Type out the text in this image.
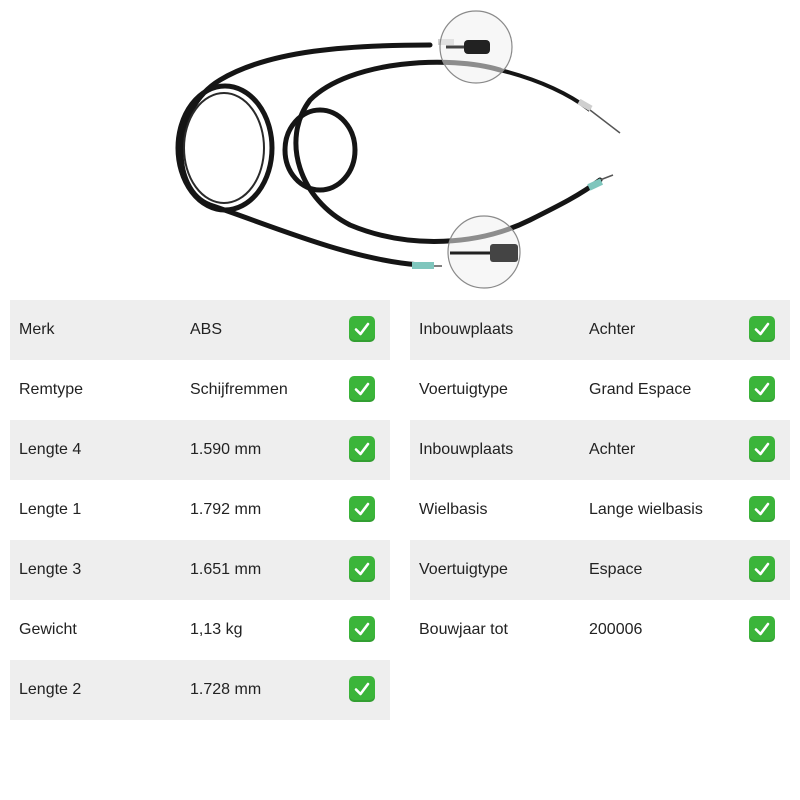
Merk	ABS
Remtype	Schijfremmen
Lengte 4	1.590 mm
Lengte 1	1.792 mm
Lengte 3	1.651 mm
Gewicht	1,13 kg
Lengte 2	1.728 mm
Inbouwplaats	Achter
Voertuigtype	Grand Espace
Inbouwplaats	Achter
Wielbasis	Lange wielbasis
Voertuigtype	Espace
Bouwjaar tot	200006
